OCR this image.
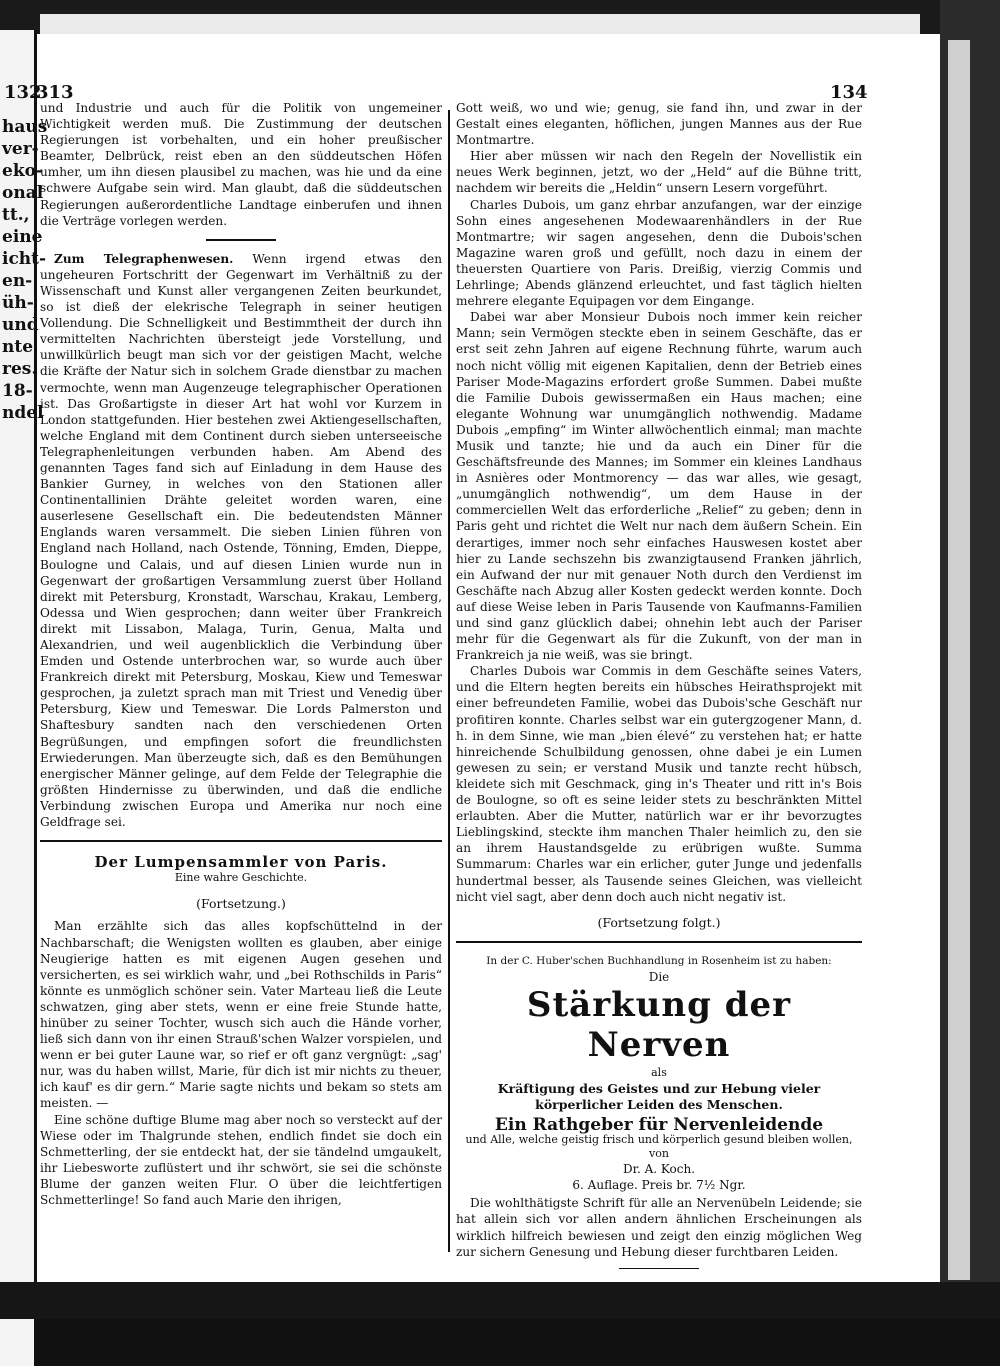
haus
ver-
eko-
onal
tt.,
eine
icht-
en-
üh-
und
nte
res.
18-
ndel
132
313	134

und Industrie und auch für die Politik von ungemeiner Wichtigkeit werden muß. Die Zustimmung der deutschen Regierungen ist vorbehalten, und ein hoher preußischer Beamter, Delbrück, reist eben an den süddeutschen Höfen umher, um ihn diesen plausibel zu machen, was hie und da eine schwere Aufgabe sein wird. Man glaubt, daß die süddeutschen Regierungen außerordentliche Landtage einberufen und ihnen die Verträge vorlegen werden.

Zum Telegraphenwesen. Wenn irgend etwas den ungeheuren Fortschritt der Gegenwart im Verhältniß zu der Wissenschaft und Kunst aller vergangenen Zeiten beurkundet, so ist dieß der elekrische Telegraph in seiner heutigen Vollendung. Die Schnelligkeit und Bestimmtheit der durch ihn vermittelten Nachrichten übersteigt jede Vorstellung, und unwillkürlich beugt man sich vor der geistigen Macht, welche die Kräfte der Natur sich in solchem Grade dienstbar zu machen vermochte, wenn man Augenzeuge telegraphischer Operationen ist. Das Großartigste in dieser Art hat wohl vor Kurzem in London stattgefunden. Hier bestehen zwei Aktiengesellschaften, welche England mit dem Continent durch sieben unterseeische Telegraphenleitungen verbunden haben. Am Abend des genannten Tages fand sich auf Einladung in dem Hause des Bankier Gurney, in welches von den Stationen aller Continentallinien Drähte geleitet worden waren, eine auserlesene Gesellschaft ein. Die bedeutendsten Männer Englands waren versammelt. Die sieben Linien führen von England nach Holland, nach Ostende, Tönning, Emden, Dieppe, Boulogne und Calais, und auf diesen Linien wurde nun in Gegenwart der großartigen Versammlung zuerst über Holland direkt mit Petersburg, Kronstadt, Warschau, Krakau, Lemberg, Odessa und Wien gesprochen; dann weiter über Frankreich direkt mit Lissabon, Malaga, Turin, Genua, Malta und Alexandrien, und weil augenblicklich die Verbindung über Emden und Ostende unterbrochen war, so wurde auch über Frankreich direkt mit Petersburg, Moskau, Kiew und Temeswar gesprochen, ja zuletzt sprach man mit Triest und Venedig über Petersburg, Kiew und Temeswar. Die Lords Palmerston und Shaftesbury sandten nach den verschiedenen Orten Begrüßungen, und empfingen sofort die freundlichsten Erwiederungen. Man überzeugte sich, daß es den Bemühungen energischer Männer gelinge, auf dem Felde der Telegraphie die größten Hindernisse zu überwinden, und daß die endliche Verbindung zwischen Europa und Amerika nur noch eine Geldfrage sei.

Der Lumpensammler von Paris.
Eine wahre Geschichte.
(Fortsetzung.)

Man erzählte sich das alles kopfschüttelnd in der Nachbarschaft; die Wenigsten wollten es glauben, aber einige Neugierige hatten es mit eigenen Augen gesehen und versicherten, es sei wirklich wahr, und „bei Rothschilds in Paris“ könnte es unmöglich schöner sein. Vater Marteau ließ die Leute schwatzen, ging aber stets, wenn er eine freie Stunde hatte, hinüber zu seiner Tochter, wusch sich auch die Hände vorher, ließ sich dann von ihr einen Strauß'schen Walzer vorspielen, und wenn er bei guter Laune war, so rief er oft ganz vergnügt: „sag' nur, was du haben willst, Marie, für dich ist mir nichts zu theuer, ich kauf' es dir gern.“ Marie sagte nichts und bekam so stets am meisten. —

Eine schöne duftige Blume mag aber noch so versteckt auf der Wiese oder im Thalgrunde stehen, endlich findet sie doch ein Schmetterling, der sie entdeckt hat, der sie tändelnd umgaukelt, ihr Liebesworte zuflüstert und ihr schwört, sie sei die schönste Blume der ganzen weiten Flur. O über die leichtfertigen Schmetterlinge! So fand auch Marie den ihrigen,

Gott weiß, wo und wie; genug, sie fand ihn, und zwar in der Gestalt eines eleganten, höflichen, jungen Mannes aus der Rue Montmartre.

Hier aber müssen wir nach den Regeln der Novellistik ein neues Werk beginnen, jetzt, wo der „Held“ auf die Bühne tritt, nachdem wir bereits die „Heldin“ unsern Lesern vorgeführt.

Charles Dubois, um ganz ehrbar anzufangen, war der einzige Sohn eines angesehenen Modewaarenhändlers in der Rue Montmartre; wir sagen angesehen, denn die Dubois'schen Magazine waren groß und gefüllt, noch dazu in einem der theuersten Quartiere von Paris. Dreißig, vierzig Commis und Lehrlinge; Abends glänzend erleuchtet, und fast täglich hielten mehrere elegante Equipagen vor dem Eingange.

Dabei war aber Monsieur Dubois noch immer kein reicher Mann; sein Vermögen steckte eben in seinem Geschäfte, das er erst seit zehn Jahren auf eigene Rechnung führte, warum auch noch nicht völlig mit eigenen Kapitalien, denn der Betrieb eines Pariser Mode-Magazins erfordert große Summen. Dabei mußte die Familie Dubois gewissermaßen ein Haus machen; eine elegante Wohnung war unumgänglich nothwendig. Madame Dubois „empfing“ im Winter allwöchentlich einmal; man machte Musik und tanzte; hie und da auch ein Diner für die Geschäftsfreunde des Mannes; im Sommer ein kleines Landhaus in Asnières oder Montmorency — das war alles, wie gesagt, „unumgänglich nothwendig“, um dem Hause in der commerciellen Welt das erforderliche „Relief“ zu geben; denn in Paris geht und richtet die Welt nur nach dem äußern Schein. Ein derartiges, immer noch sehr einfaches Hauswesen kostet aber hier zu Lande sechszehn bis zwanzigtausend Franken jährlich, ein Aufwand der nur mit genauer Noth durch den Verdienst im Geschäfte nach Abzug aller Kosten gedeckt werden konnte. Doch auf diese Weise leben in Paris Tausende von Kaufmanns-Familien und sind ganz glücklich dabei; ohnehin lebt auch der Pariser mehr für die Gegenwart als für die Zukunft, von der man in Frankreich ja nie weiß, was sie bringt.

Charles Dubois war Commis in dem Geschäfte seines Vaters, und die Eltern hegten bereits ein hübsches Heirathsprojekt mit einer befreundeten Familie, wobei das Dubois'sche Geschäft nur profitiren konnte. Charles selbst war ein gutergzogener Mann, d. h. in dem Sinne, wie man „bien élevé“ zu verstehen hat; er hatte hinreichende Schulbildung genossen, ohne dabei je ein Lumen gewesen zu sein; er verstand Musik und tanzte recht hübsch, kleidete sich mit Geschmack, ging in's Theater und ritt in's Bois de Boulogne, so oft es seine leider stets zu beschränkten Mittel erlaubten. Aber die Mutter, natürlich war er ihr bevorzugtes Lieblingskind, steckte ihm manchen Thaler heimlich zu, den sie an ihrem Haustandsgelde zu erübrigen wußte. Summa Summarum: Charles war ein erlicher, guter Junge und jedenfalls hundertmal besser, als Tausende seines Gleichen, was vielleicht nicht viel sagt, aber denn doch auch nicht negativ ist.

(Fortsetzung folgt.)
In der C. Huber'schen Buchhandlung in Rosenheim ist zu haben:
Die
Stärkung der Nerven
als
Kräftigung des Geistes und zur Hebung vieler körperlicher Leiden des Menschen.
Ein Rathgeber für Nervenleidende
und Alle, welche geistig frisch und körperlich gesund bleiben wollen, von
Dr. A. Koch.
6. Auflage. Preis br. 7½ Ngr.
Die wohlthätigste Schrift für alle an Nervenübeln Leidende; sie hat allein sich vor allen andern ähnlichen Erscheinungen als wirklich hilfreich bewiesen und zeigt den einzig möglichen Weg zur sichern Genesung und Hebung dieser furchtbaren Leiden.
